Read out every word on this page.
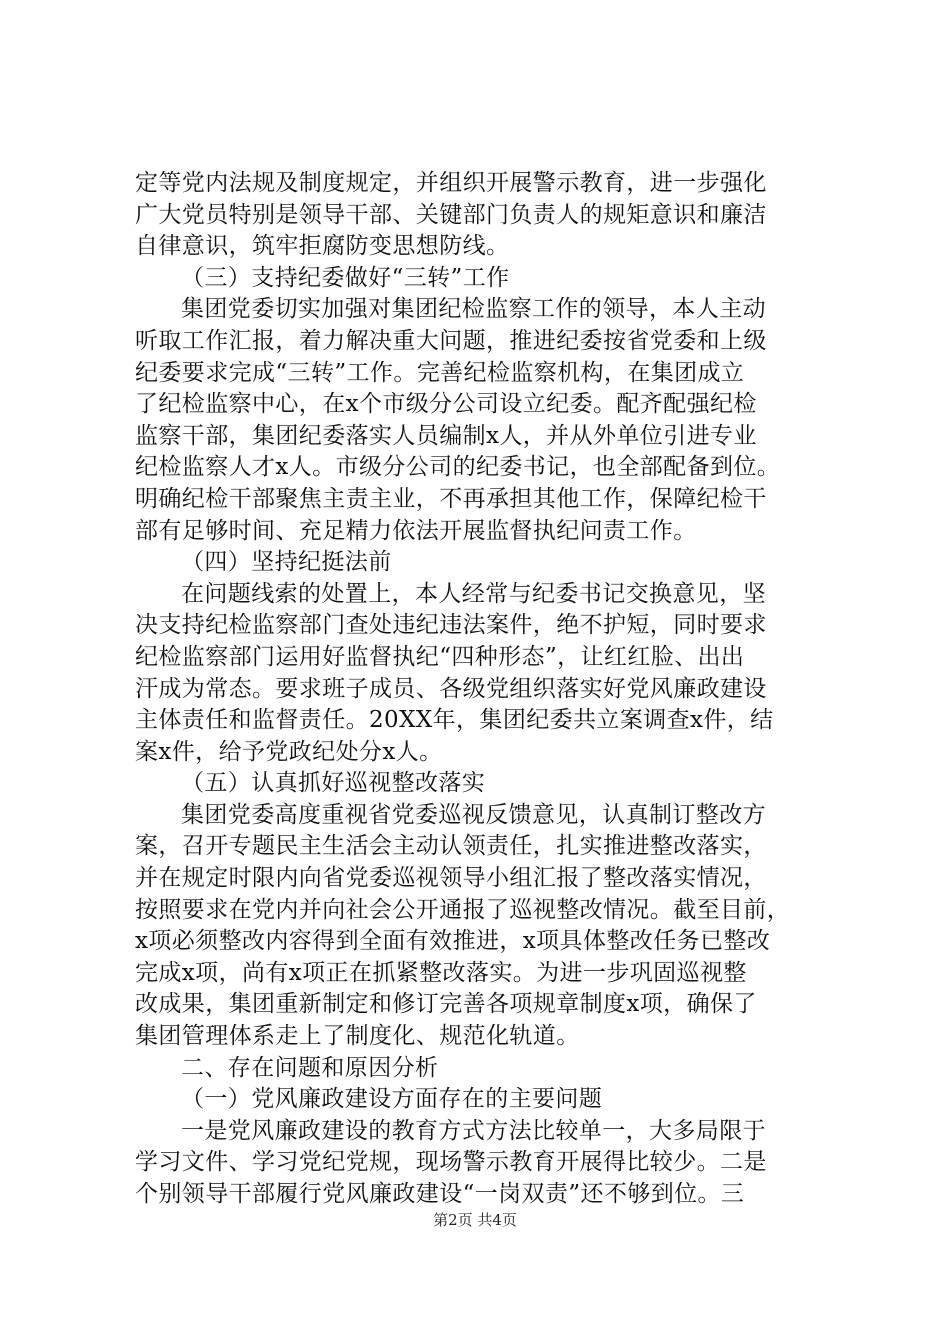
定等党内法规及制度规定，并组织开展警示教育，进一步强化
广大党员特别是领导干部、关键部门负责人的规矩意识和廉洁
自律意识，筑牢拒腐防变思想防线。
（三）支持纪委做好“三转”工作
集团党委切实加强对集团纪检监察工作的领导，本人主动
听取工作汇报，着力解决重大问题，推进纪委按省党委和上级
纪委要求完成“三转”工作。完善纪检监察机构，在集团成立
了纪检监察中心，在x个市级分公司设立纪委。配齐配强纪检
监察干部，集团纪委落实人员编制x人，并从外单位引进专业
纪检监察人才x人。市级分公司的纪委书记，也全部配备到位。
明确纪检干部聚焦主责主业，不再承担其他工作，保障纪检干
部有足够时间、充足精力依法开展监督执纪问责工作。
（四）坚持纪挺法前
在问题线索的处置上，本人经常与纪委书记交换意见，坚
决支持纪检监察部门查处违纪违法案件，绝不护短，同时要求
纪检监察部门运用好监督执纪“四种形态”，让红红脸、出出
汗成为常态。要求班子成员、各级党组织落实好党风廉政建设
主体责任和监督责任。20XX年，集团纪委共立案调查x件，结
案x件，给予党政纪处分x人。
（五）认真抓好巡视整改落实
集团党委高度重视省党委巡视反馈意见，认真制订整改方
案，召开专题民主生活会主动认领责任，扎实推进整改落实，
并在规定时限内向省党委巡视领导小组汇报了整改落实情况，
按照要求在党内并向社会公开通报了巡视整改情况。截至目前，
x项必须整改内容得到全面有效推进，x项具体整改任务已整改
完成x项，尚有x项正在抓紧整改落实。为进一步巩固巡视整
改成果，集团重新制定和修订完善各项规章制度x项，确保了
集团管理体系走上了制度化、规范化轨道。
二、存在问题和原因分析
（一）党风廉政建设方面存在的主要问题
一是党风廉政建设的教育方式方法比较单一，大多局限于
学习文件、学习党纪党规，现场警示教育开展得比较少。二是
个别领导干部履行党风廉政建设“一岗双责”还不够到位。三
第2页 共4页
